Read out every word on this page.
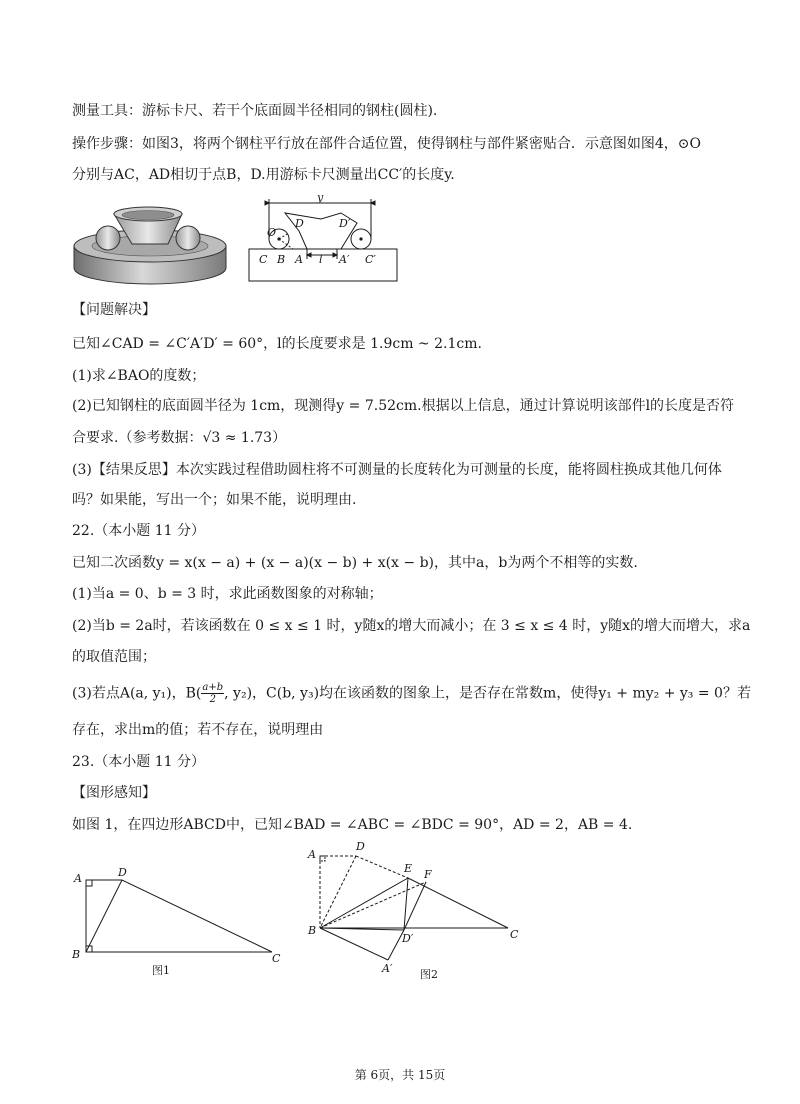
测量工具：游标卡尺、若干个底面圆半径相同的钢柱(圆柱).
操作步骤：如图3，将两个钢柱平行放在部件合适位置，使得钢柱与部件紧密贴合．示意图如图4，⊙O
分别与AC，AD相切于点B，D.用游标卡尺测量出CC′的长度y.
y
O
D	D′
C B A l A′ C′
【问题解决】
已知∠CAD = ∠C′A′D′ = 60°，l的长度要求是 1.9cm ~ 2.1cm.
(1)求∠BAO的度数；
(2)已知钢柱的底面圆半径为 1cm，现测得y = 7.52cm.根据以上信息，通过计算说明该部件l的长度是否符
合要求.（参考数据：√3 ≈ 1.73）
(3)【结果反思】本次实践过程借助圆柱将不可测量的长度转化为可测量的长度，能将圆柱换成其他几何体
吗？如果能，写出一个；如果不能，说明理由.
22.（本小题 11 分）
已知二次函数y = x(x − a) + (x − a)(x − b) + x(x − b)，其中a，b为两个不相等的实数.
(1)当a = 0、b = 3 时，求此函数图象的对称轴；
(2)当b = 2a时，若该函数在 0 ≤ x ≤ 1 时，y随x的增大而减小；在 3 ≤ x ≤ 4 时，y随x的增大而增大，求a
的取值范围；
(3)若点A(a, y₁)，$B( \frac{a+b}{2}$ , y₂)，C(b, y₃)均在该函数的图象上，是否存在常数m，使得y₁ + my₂ + y₃ = 0？若
存在，求出m的值；若不存在，说明理由
23.（本小题 11 分）
【图形感知】
如图 1，在四边形ABCD中，已知∠BAD = ∠ABC = ∠BDC = 90°，AD = 2，AB = 4.
A	D
B	C
图1
A
D
E F
B
D′	C
A′	图2
第 6页，共 15页
